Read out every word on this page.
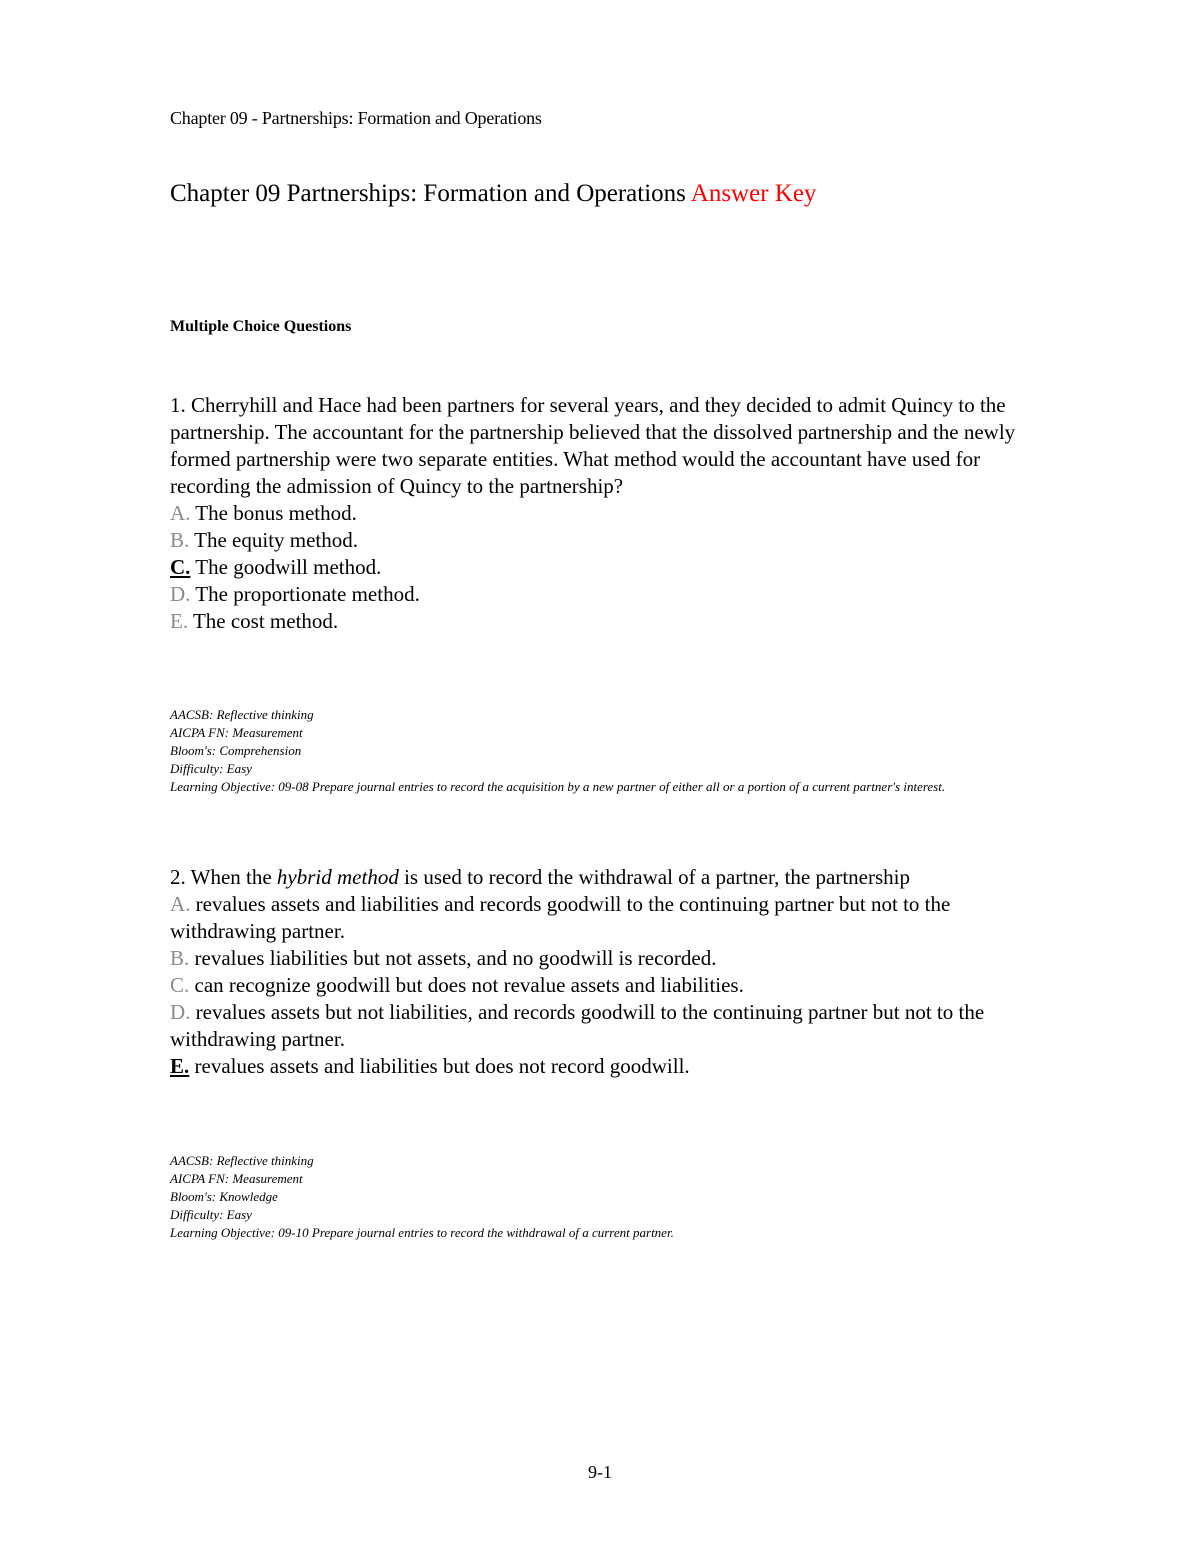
Chapter 09 - Partnerships: Formation and Operations
Chapter 09 Partnerships: Formation and Operations Answer Key
Multiple Choice Questions

1. Cherryhill and Hace had been partners for several years, and they decided to admit Quincy to the partnership. The accountant for the partnership believed that the dissolved partnership and the newly formed partnership were two separate entities. What method would the accountant have used for recording the admission of Quincy to the partnership?

A. The bonus method.

B. The equity method.

C. The goodwill method.

D. The proportionate method.

E. The cost method.

AACSB: Reflective thinking
AICPA FN: Measurement
Bloom's: Comprehension
Difficulty: Easy
Learning Objective: 09-08 Prepare journal entries to record the acquisition by a new partner of either all or a portion of a current partner's interest.

2. When the hybrid method is used to record the withdrawal of a partner, the partnership

A. revalues assets and liabilities and records goodwill to the continuing partner but not to the withdrawing partner.

B. revalues liabilities but not assets, and no goodwill is recorded.

C. can recognize goodwill but does not revalue assets and liabilities.

D. revalues assets but not liabilities, and records goodwill to the continuing partner but not to the withdrawing partner.

E. revalues assets and liabilities but does not record goodwill.

AACSB: Reflective thinking
AICPA FN: Measurement
Bloom's: Knowledge
Difficulty: Easy
Learning Objective: 09-10 Prepare journal entries to record the withdrawal of a current partner.
9-1
